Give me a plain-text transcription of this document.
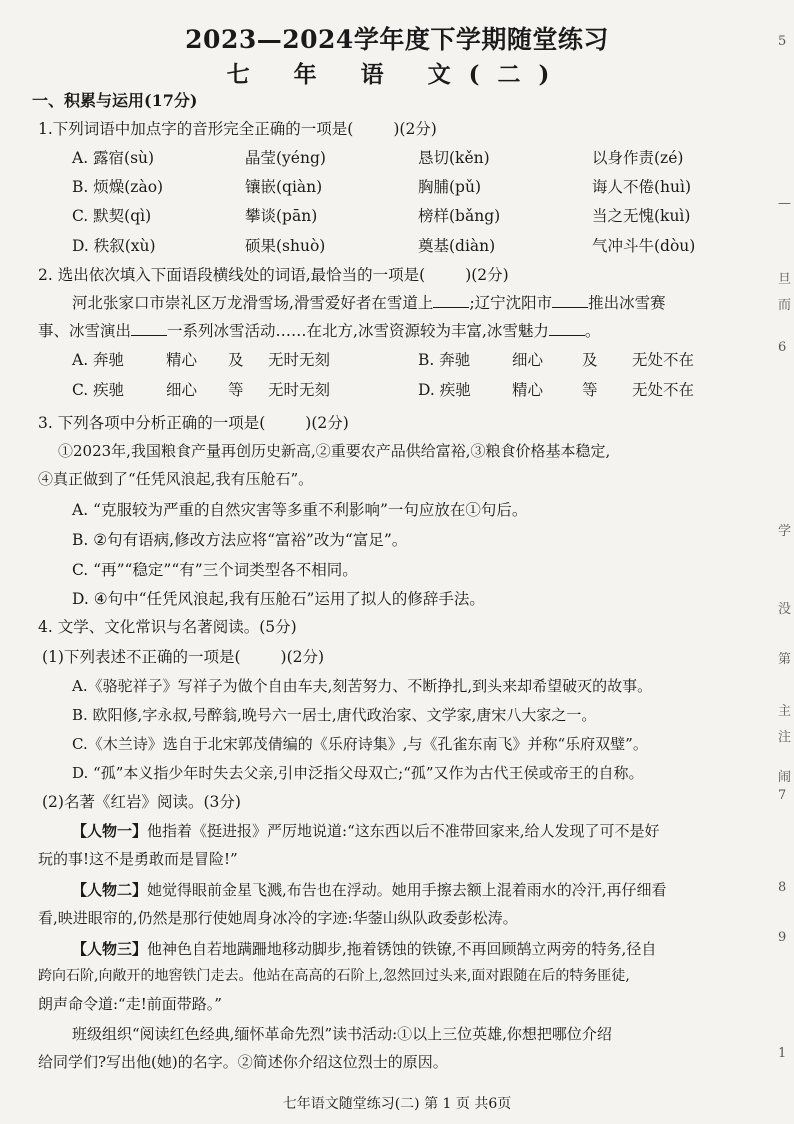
2023—2024学年度下学期随堂练习
七 年 语 文(二)
一、积累与运用(17分)
1.下列词语中加点字的音形完全正确的一项是(	)(2分)
A. 露宿(sù)	晶莹(yéng)	恳切(kěn)	以身作责(zé)
B. 烦燥(zào)	镶嵌(qiàn)	胸脯(pǔ)	诲人不倦(huì)
C. 默契(qì)	攀谈(pān)	榜样(bǎng)	当之无愧(kuì)
D. 秩叙(xù)	硕果(shuò)	奠基(diàn)	气冲斗牛(dòu)
2. 选出依次填入下面语段横线处的词语,最恰当的一项是(	)(2分)
河北张家口市崇礼区万龙滑雪场,滑雪爱好者在雪道上 ;辽宁沈阳市 推出冰雪赛
事、冰雪演出 一系列冰雪活动……在北方,冰雪资源较为丰富,冰雪魅力 。
A. 奔驰	精心 及 无时无刻	B. 奔驰	细心	及 无处不在
C. 疾驰	细心 等 无时无刻	D. 疾驰	精心	等 无处不在
3. 下列各项中分析正确的一项是(	)(2分)
①2023年,我国粮食产量再创历史新高,②重要农产品供给富裕,③粮食价格基本稳定,
④真正做到了“任凭风浪起,我有压舱石”。
A. “克服较为严重的自然灾害等多重不利影响”一句应放在①句后。
B. ②句有语病,修改方法应将“富裕”改为“富足”。
C. “再”“稳定”“有”三个词类型各不相同。
D. ④句中“任凭风浪起,我有压舱石”运用了拟人的修辞手法。
4. 文学、文化常识与名著阅读。(5分)
(1)下列表述不正确的一项是(	)(2分)
A.《骆驼祥子》写祥子为做个自由车夫,刻苦努力、不断挣扎,到头来却希望破灭的故事。
B. 欧阳修,字永叔,号醉翁,晚号六一居士,唐代政治家、文学家,唐宋八大家之一。
C.《木兰诗》选自于北宋郭茂倩编的《乐府诗集》,与《孔雀东南飞》并称“乐府双璧”。
D. “孤”本义指少年时失去父亲,引申泛指父母双亡;“孤”又作为古代王侯或帝王的自称。
(2)名著《红岩》阅读。(3分)
【人物一】他指着《挺进报》严厉地说道:“这东西以后不准带回家来,给人发现了可不是好
玩的事!这不是勇敢而是冒险!”
【人物二】她觉得眼前金星飞溅,布告也在浮动。她用手擦去额上混着雨水的冷汗,再仔细看
看,映进眼帘的,仍然是那行使她周身冰冷的字迹:华蓥山纵队政委彭松涛。
【人物三】他神色自若地蹒跚地移动脚步,拖着锈蚀的铁镣,不再回顾鹄立两旁的特务,径自
跨向石阶,向敞开的地窖铁门走去。他站在高高的石阶上,忽然回过头来,面对跟随在后的特务匪徒,
朗声命令道:“走!前面带路。”
班级组织“阅读红色经典,缅怀革命先烈”读书活动:①以上三位英雄,你想把哪位介绍
给同学们?写出他(她)的名字。②简述你介绍这位烈士的原因。
七年语文随堂练习(二) 第 1 页 共6页
5
—
旦
而
6
学
没
第
主
注
闹
7
8
9
1
